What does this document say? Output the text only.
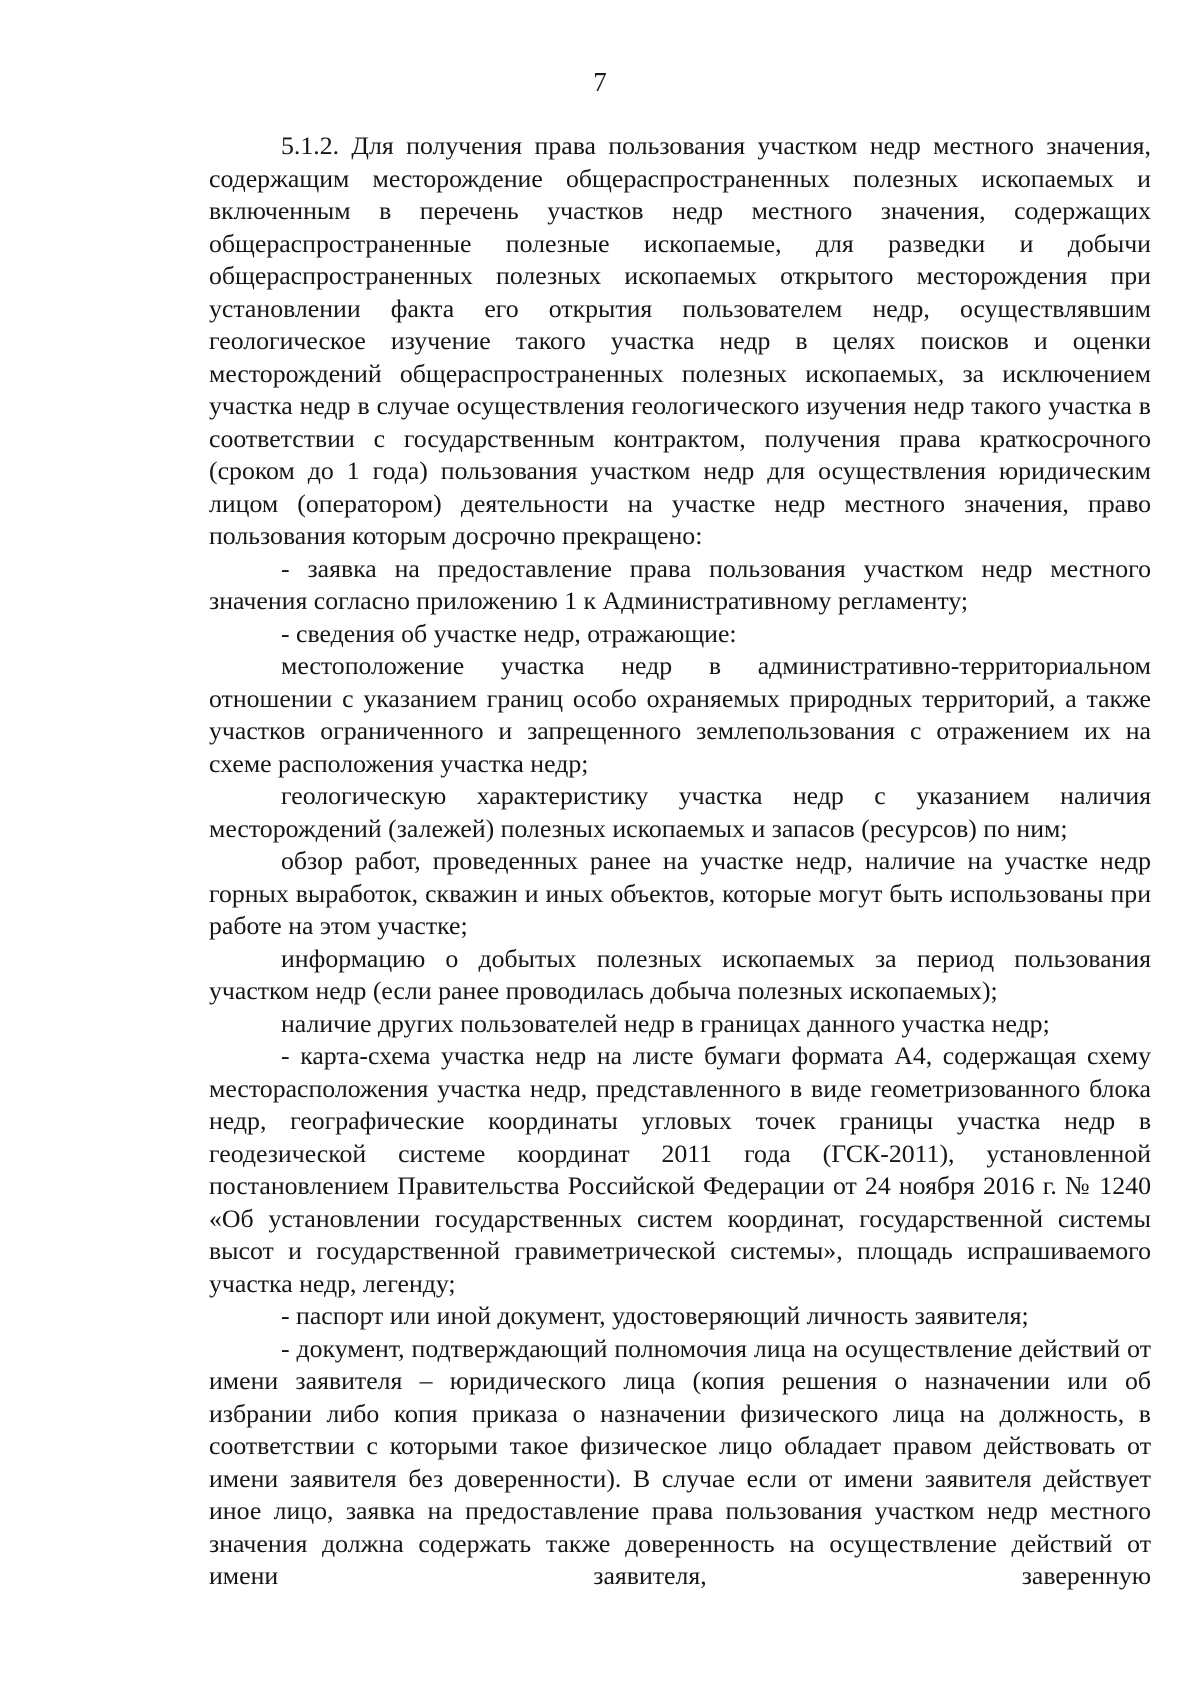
7

5.1.2. Для получения права пользования участком недр местного значения, содержащим месторождение общераспространенных полезных ископаемых и включенным в перечень участков недр местного значения, содержащих общераспространенные полезные ископаемые, для разведки и добычи общераспространенных полезных ископаемых открытого месторождения при установлении факта его открытия пользователем недр, осуществлявшим геологическое изучение такого участка недр в целях поисков и оценки месторождений общераспространенных полезных ископаемых, за исключением участка недр в случае осуществления геологического изучения недр такого участка в соответствии с государственным контрактом, получения права краткосрочного (сроком до 1 года) пользования участком недр для осуществления юридическим лицом (оператором) деятельности на участке недр местного значения, право пользования которым досрочно прекращено:

- заявка на предоставление права пользования участком недр местного значения согласно приложению 1 к Административному регламенту;

- сведения об участке недр, отражающие:

местоположение участка недр в административно-территориальном отношении с указанием границ особо охраняемых природных территорий, а также участков ограниченного и запрещенного землепользования с отражением их на схеме расположения участка недр;

геологическую характеристику участка недр с указанием наличия месторождений (залежей) полезных ископаемых и запасов (ресурсов) по ним;

обзор работ, проведенных ранее на участке недр, наличие на участке недр горных выработок, скважин и иных объектов, которые могут быть использованы при работе на этом участке;

информацию о добытых полезных ископаемых за период пользования участком недр (если ранее проводилась добыча полезных ископаемых);

наличие других пользователей недр в границах данного участка недр;

- карта-схема участка недр на листе бумаги формата А4, содержащая схему месторасположения участка недр, представленного в виде геометризованного блока недр, географические координаты угловых точек границы участка недр в геодезической системе координат 2011 года (ГСК-2011), установленной постановлением Правительства Российской Федерации от 24 ноября 2016 г. № 1240 «Об установлении государственных систем координат, государственной системы высот и государственной гравиметрической системы», площадь испрашиваемого участка недр, легенду;

- паспорт или иной документ, удостоверяющий личность заявителя;

- документ, подтверждающий полномочия лица на осуществление действий от имени заявителя – юридического лица (копия решения о назначении или об избрании либо копия приказа о назначении физического лица на должность, в соответствии с которыми такое физическое лицо обладает правом действовать от имени заявителя без доверенности). В случае если от имени заявителя действует иное лицо, заявка на предоставление права пользования участком недр местного значения должна содержать также доверенность на осуществление действий от имени заявителя, заверенную
